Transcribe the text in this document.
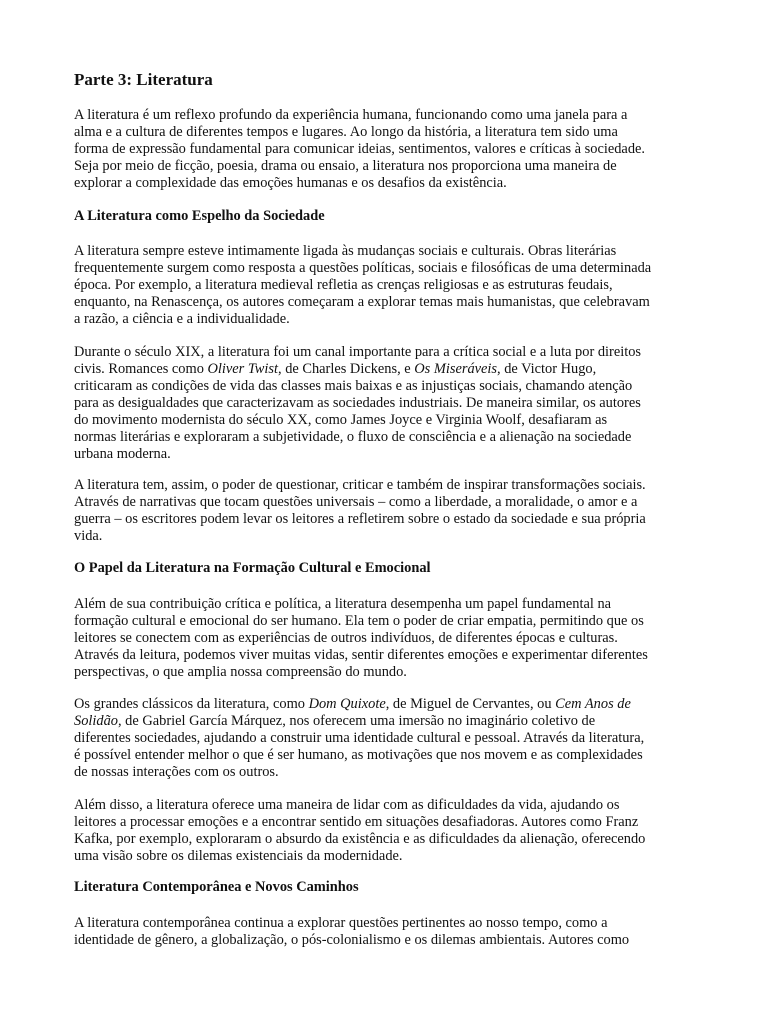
Parte 3: Literatura

A literatura é um reflexo profundo da experiência humana, funcionando como uma janela para a
alma e a cultura de diferentes tempos e lugares. Ao longo da história, a literatura tem sido uma
forma de expressão fundamental para comunicar ideias, sentimentos, valores e críticas à sociedade.
Seja por meio de ficção, poesia, drama ou ensaio, a literatura nos proporciona uma maneira de
explorar a complexidade das emoções humanas e os desafios da existência.

A Literatura como Espelho da Sociedade

A literatura sempre esteve intimamente ligada às mudanças sociais e culturais. Obras literárias
frequentemente surgem como resposta a questões políticas, sociais e filosóficas de uma determinada
época. Por exemplo, a literatura medieval refletia as crenças religiosas e as estruturas feudais,
enquanto, na Renascença, os autores começaram a explorar temas mais humanistas, que celebravam
a razão, a ciência e a individualidade.

Durante o século XIX, a literatura foi um canal importante para a crítica social e a luta por direitos
civis. Romances como Oliver Twist, de Charles Dickens, e Os Miseráveis, de Victor Hugo,
criticaram as condições de vida das classes mais baixas e as injustiças sociais, chamando atenção
para as desigualdades que caracterizavam as sociedades industriais. De maneira similar, os autores
do movimento modernista do século XX, como James Joyce e Virginia Woolf, desafiaram as
normas literárias e exploraram a subjetividade, o fluxo de consciência e a alienação na sociedade
urbana moderna.

A literatura tem, assim, o poder de questionar, criticar e também de inspirar transformações sociais.
Através de narrativas que tocam questões universais – como a liberdade, a moralidade, o amor e a
guerra – os escritores podem levar os leitores a refletirem sobre o estado da sociedade e sua própria
vida.

O Papel da Literatura na Formação Cultural e Emocional

Além de sua contribuição crítica e política, a literatura desempenha um papel fundamental na
formação cultural e emocional do ser humano. Ela tem o poder de criar empatia, permitindo que os
leitores se conectem com as experiências de outros indivíduos, de diferentes épocas e culturas.
Através da leitura, podemos viver muitas vidas, sentir diferentes emoções e experimentar diferentes
perspectivas, o que amplia nossa compreensão do mundo.

Os grandes clássicos da literatura, como Dom Quixote, de Miguel de Cervantes, ou Cem Anos de
Solidão, de Gabriel García Márquez, nos oferecem uma imersão no imaginário coletivo de
diferentes sociedades, ajudando a construir uma identidade cultural e pessoal. Através da literatura,
é possível entender melhor o que é ser humano, as motivações que nos movem e as complexidades
de nossas interações com os outros.

Além disso, a literatura oferece uma maneira de lidar com as dificuldades da vida, ajudando os
leitores a processar emoções e a encontrar sentido em situações desafiadoras. Autores como Franz
Kafka, por exemplo, exploraram o absurdo da existência e as dificuldades da alienação, oferecendo
uma visão sobre os dilemas existenciais da modernidade.

Literatura Contemporânea e Novos Caminhos

A literatura contemporânea continua a explorar questões pertinentes ao nosso tempo, como a
identidade de gênero, a globalização, o pós-colonialismo e os dilemas ambientais. Autores como
